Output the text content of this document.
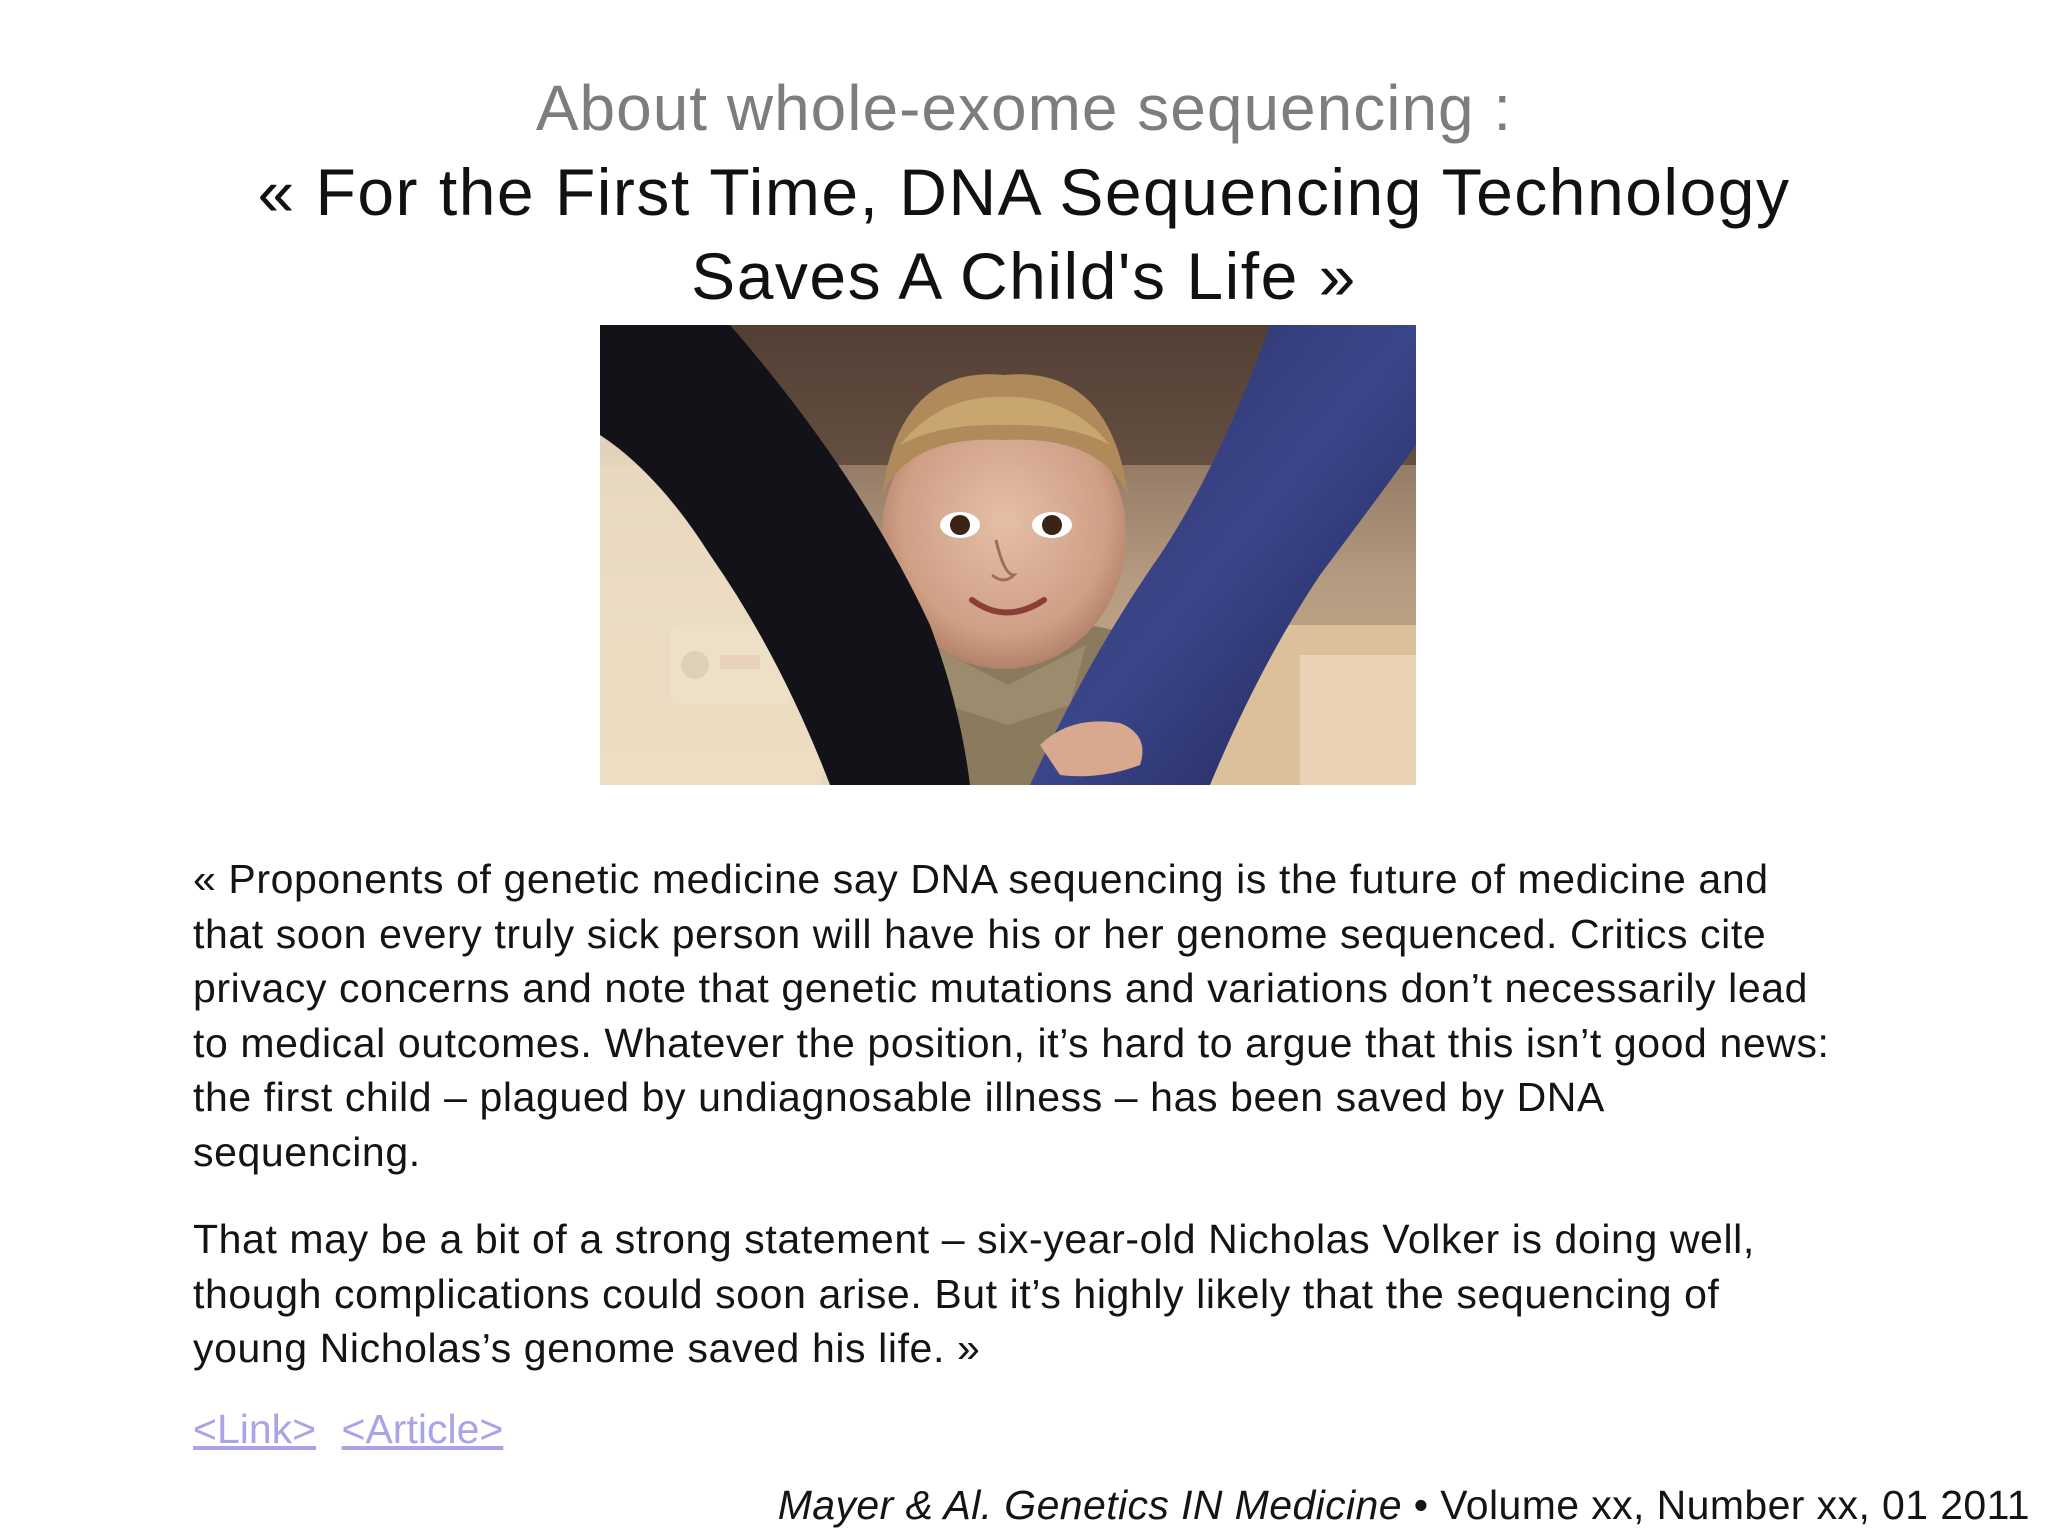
About whole-exome sequencing :
« For the First Time, DNA Sequencing Technology
Saves A Child's Life »

« Proponents of genetic medicine say DNA sequencing is the future of medicine and that soon every truly sick person will have his or her genome sequenced. Critics cite privacy concerns and note that genetic mutations and variations don’t necessarily lead to medical outcomes. Whatever the position, it’s hard to argue that this isn’t good news: the first child – plagued by undiagnosable illness – has been saved by DNA sequencing.

That may be a bit of a strong statement – six-year-old Nicholas Volker is doing well, though complications could soon arise. But it’s highly likely that the sequencing of young Nicholas’s genome saved his life. »

<Link> <Article>
Mayer & Al. Genetics IN Medicine • Volume xx, Number xx, 01 2011
